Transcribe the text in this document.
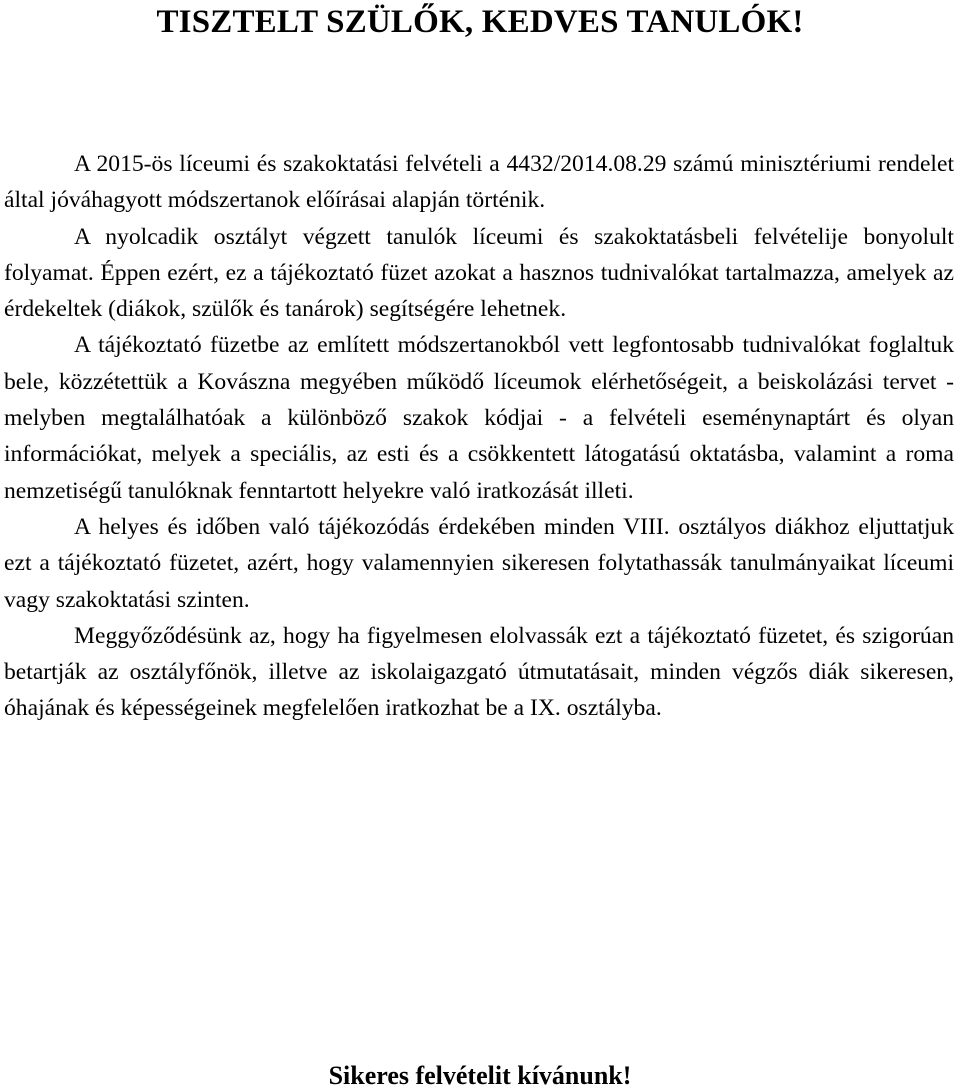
TISZTELT SZÜLŐK, KEDVES TANULÓK!

A 2015-ös líceumi és szakoktatási felvételi a 4432/2014.08.29 számú minisztériumi rendelet által jóváhagyott módszertanok előírásai alapján történik.

A nyolcadik osztályt végzett tanulók líceumi és szakoktatásbeli felvételije bonyolult folyamat. Éppen ezért, ez a tájékoztató füzet azokat a hasznos tudnivalókat tartalmazza, amelyek az érdekeltek (diákok, szülők és tanárok) segítségére lehetnek.

A tájékoztató füzetbe az említett módszertanokból vett legfontosabb tudnivalókat foglaltuk bele, közzétettük a Kovászna megyében működő líceumok elérhetőségeit, a beiskolázási tervet - melyben megtalálhatóak a különböző szakok kódjai - a felvételi eseménynaptárt és olyan információkat, melyek a speciális, az esti és a csökkentett látogatású oktatásba, valamint a roma nemzetiségű tanulóknak fenntartott helyekre való iratkozását illeti.

A helyes és időben való tájékozódás érdekében minden VIII. osztályos diákhoz eljuttatjuk ezt a tájékoztató füzetet, azért, hogy valamennyien sikeresen folytathassák tanulmányaikat líceumi vagy szakoktatási szinten.

Meggyőződésünk az, hogy ha figyelmesen elolvassák ezt a tájékoztató füzetet, és szigorúan betartják az osztályfőnök, illetve az iskolaigazgató útmutatásait, minden végzős diák sikeresen, óhajának és képességeinek megfelelően iratkozhat be a IX. osztályba.

Sikeres felvételit kívánunk!
